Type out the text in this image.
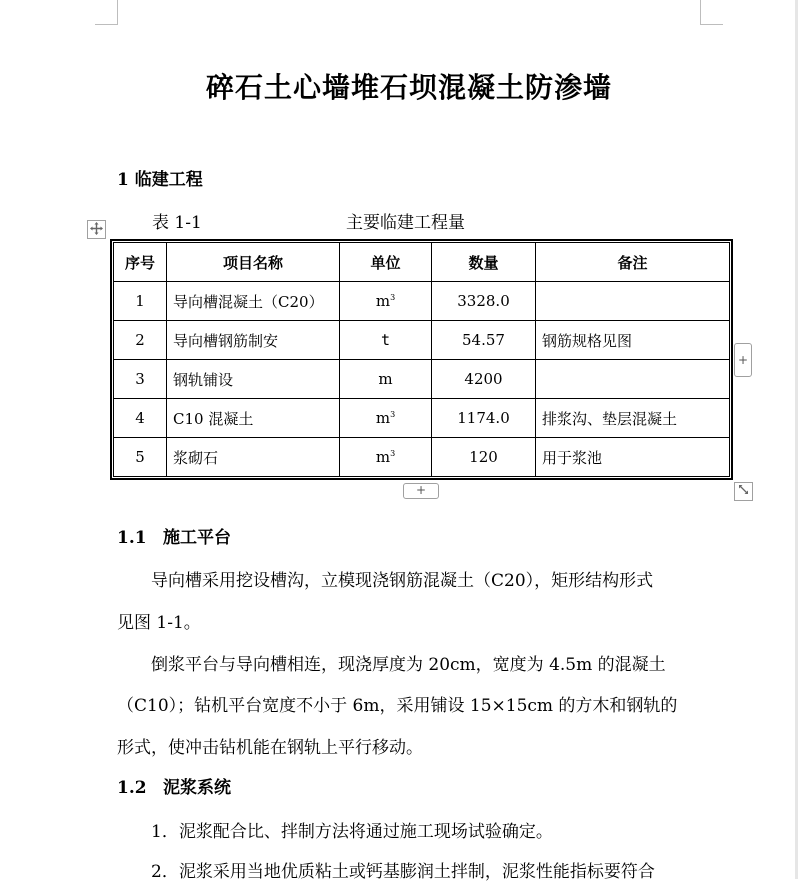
碎石土心墙堆石坝混凝土防渗墙
1 临建工程
表 1-1	主要临建工程量
序号	项目名称	单位	数量	备注
1	导向槽混凝土（C20）	$m^3$	3328.0	
2	导向槽钢筋制安	t	54.57	钢筋规格见图
3	钢轨铺设	m	4200	
4	C10 混凝土	$m^3$	1174.0	排浆沟、垫层混凝土
5	浆砌石	$m^3$	120	用于浆池
+
+
1.1 施工平台
　　导向槽采用挖设槽沟，立模现浇钢筋混凝土（C20），矩形结构形式
见图 1-1。
　　倒浆平台与导向槽相连，现浇厚度为 20cm，宽度为 4.5m 的混凝土
（C10）；钻机平台宽度不小于 6m，采用铺设 15×15cm 的方木和钢轨的
形式，使冲击钻机能在钢轨上平行移动。
1.2 泥浆系统
　　1．泥浆配合比、拌制方法将通过施工现场试验确定。
　　2．泥浆采用当地优质粘土或钙基膨润土拌制，泥浆性能指标要符合
